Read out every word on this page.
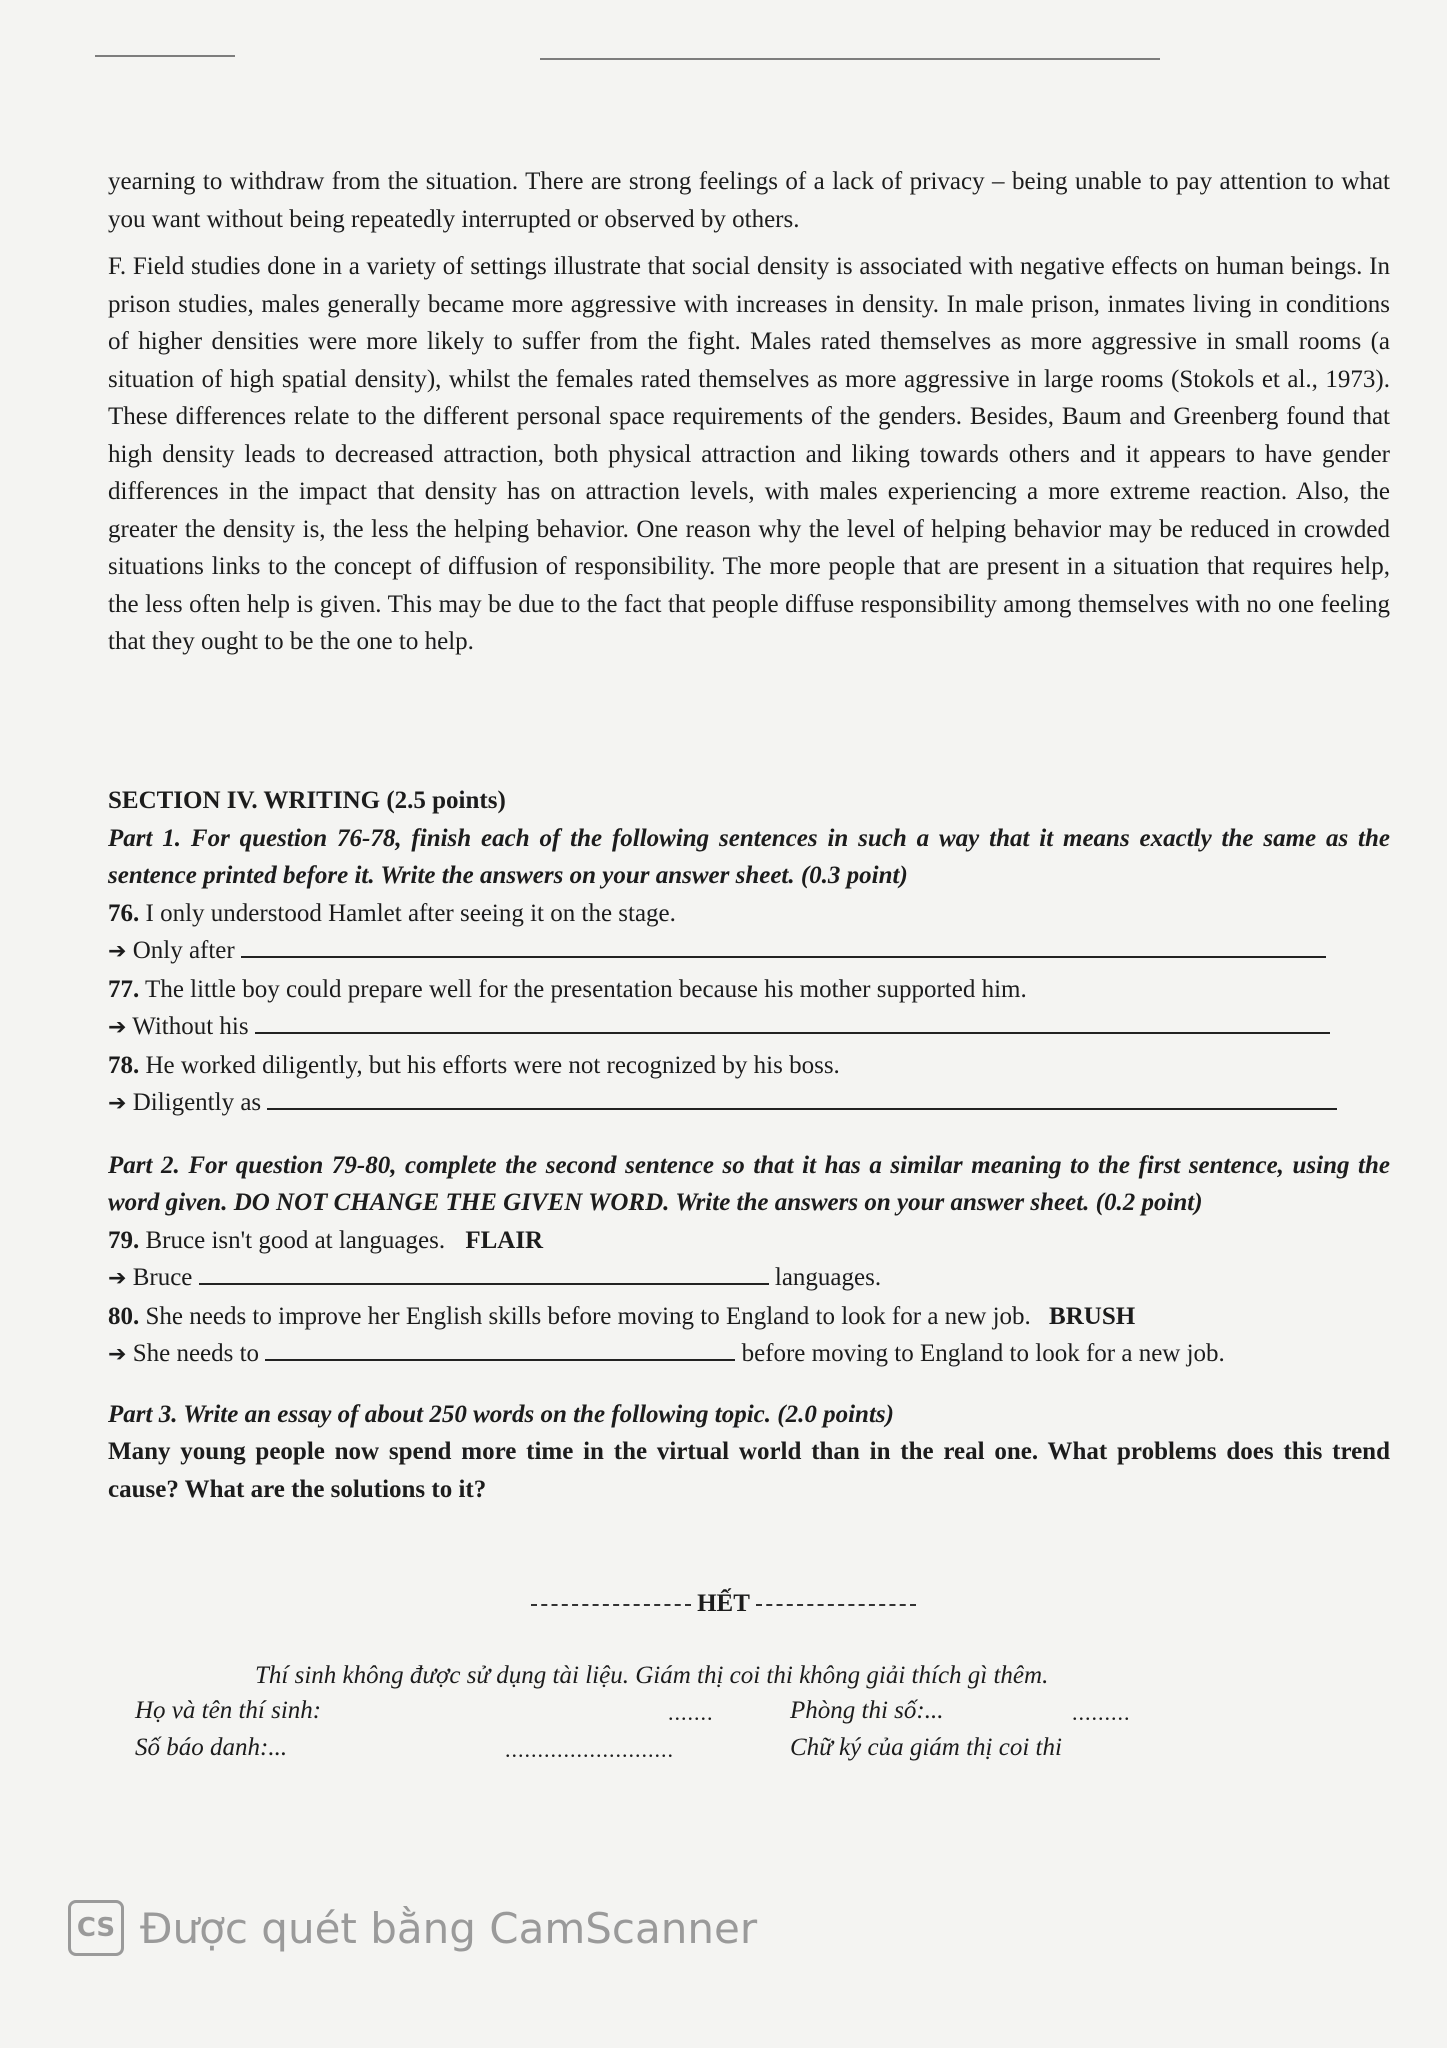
yearning to withdraw from the situation. There are strong feelings of a lack of privacy – being unable to pay attention to what you want without being repeatedly interrupted or observed by others.

F. Field studies done in a variety of settings illustrate that social density is associated with negative effects on human beings. In prison studies, males generally became more aggressive with increases in density. In male prison, inmates living in conditions of higher densities were more likely to suffer from the fight. Males rated themselves as more aggressive in small rooms (a situation of high spatial density), whilst the females rated themselves as more aggressive in large rooms (Stokols et al., 1973). These differences relate to the different personal space requirements of the genders. Besides, Baum and Greenberg found that high density leads to decreased attraction, both physical attraction and liking towards others and it appears to have gender differences in the impact that density has on attraction levels, with males experiencing a more extreme reaction. Also, the greater the density is, the less the helping behavior. One reason why the level of helping behavior may be reduced in crowded situations links to the concept of diffusion of responsibility. The more people that are present in a situation that requires help, the less often help is given. This may be due to the fact that people diffuse responsibility among themselves with no one feeling that they ought to be the one to help.

SECTION IV. WRITING (2.5 points)

Part 1. For question 76-78, finish each of the following sentences in such a way that it means exactly the same as the sentence printed before it. Write the answers on your answer sheet. (0.3 point)

76. I only understood Hamlet after seeing it on the stage.
➔ Only after
77. The little boy could prepare well for the presentation because his mother supported him.
➔ Without his
78. He worked diligently, but his efforts were not recognized by his boss.
➔ Diligently as

Part 2. For question 79-80, complete the second sentence so that it has a similar meaning to the first sentence, using the word given. DO NOT CHANGE THE GIVEN WORD. Write the answers on your answer sheet. (0.2 point)

79. Bruce isn't good at languages. FLAIR
➔ Bruce	languages.
80. She needs to improve her English skills before moving to England to look for a new job. BRUSH
➔ She needs to	before moving to England to look for a new job.
Part 3. Write an essay of about 250 words on the following topic. (2.0 points)

Many young people now spend more time in the virtual world than in the real one. What problems does this trend cause? What are the solutions to it?

HẾT
Thí sinh không được sử dụng tài liệu. Giám thị coi thi không giải thích gì thêm.
Họ và tên thí sinh:	.......	Phòng thi số:...	.........
Số báo danh:...	..........................	Chữ ký của giám thị coi thi
CS Được quét bằng CamScanner
